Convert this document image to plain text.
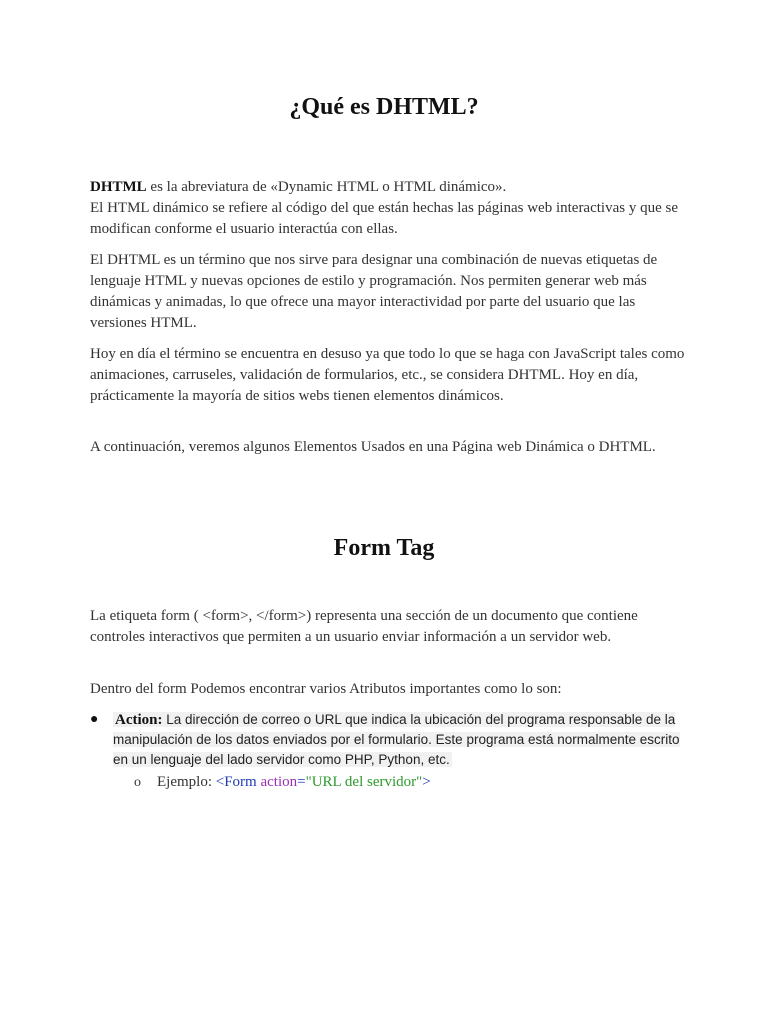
¿Qué es DHTML?

DHTML es la abreviatura de «Dynamic HTML o HTML dinámico».
El HTML dinámico se refiere al código del que están hechas las páginas web interactivas y que se modifican conforme el usuario interactúa con ellas.

El DHTML es un término que nos sirve para designar una combinación de nuevas etiquetas de lenguaje HTML y nuevas opciones de estilo y programación. Nos permiten generar web más dinámicas y animadas, lo que ofrece una mayor interactividad por parte del usuario que las versiones HTML.

Hoy en día el término se encuentra en desuso ya que todo lo que se haga con JavaScript tales como animaciones, carruseles, validación de formularios, etc., se considera DHTML. Hoy en día, prácticamente la mayoría de sitios webs tienen elementos dinámicos.

A continuación, veremos algunos Elementos Usados en una Página web Dinámica o DHTML.

Form Tag

La etiqueta form ( <form>, </form>) representa una sección de un documento que contiene controles interactivos que permiten a un usuario enviar información a un servidor web.

Dentro del form Podemos encontrar varios Atributos importantes como lo son:

● Action: La dirección de correo o URL que indica la ubicación del programa responsable de la manipulación de los datos enviados por el formulario. Este programa está normalmente escrito en un lenguaje del lado servidor como PHP, Python, etc.
o Ejemplo: <Form action="URL del servidor">
